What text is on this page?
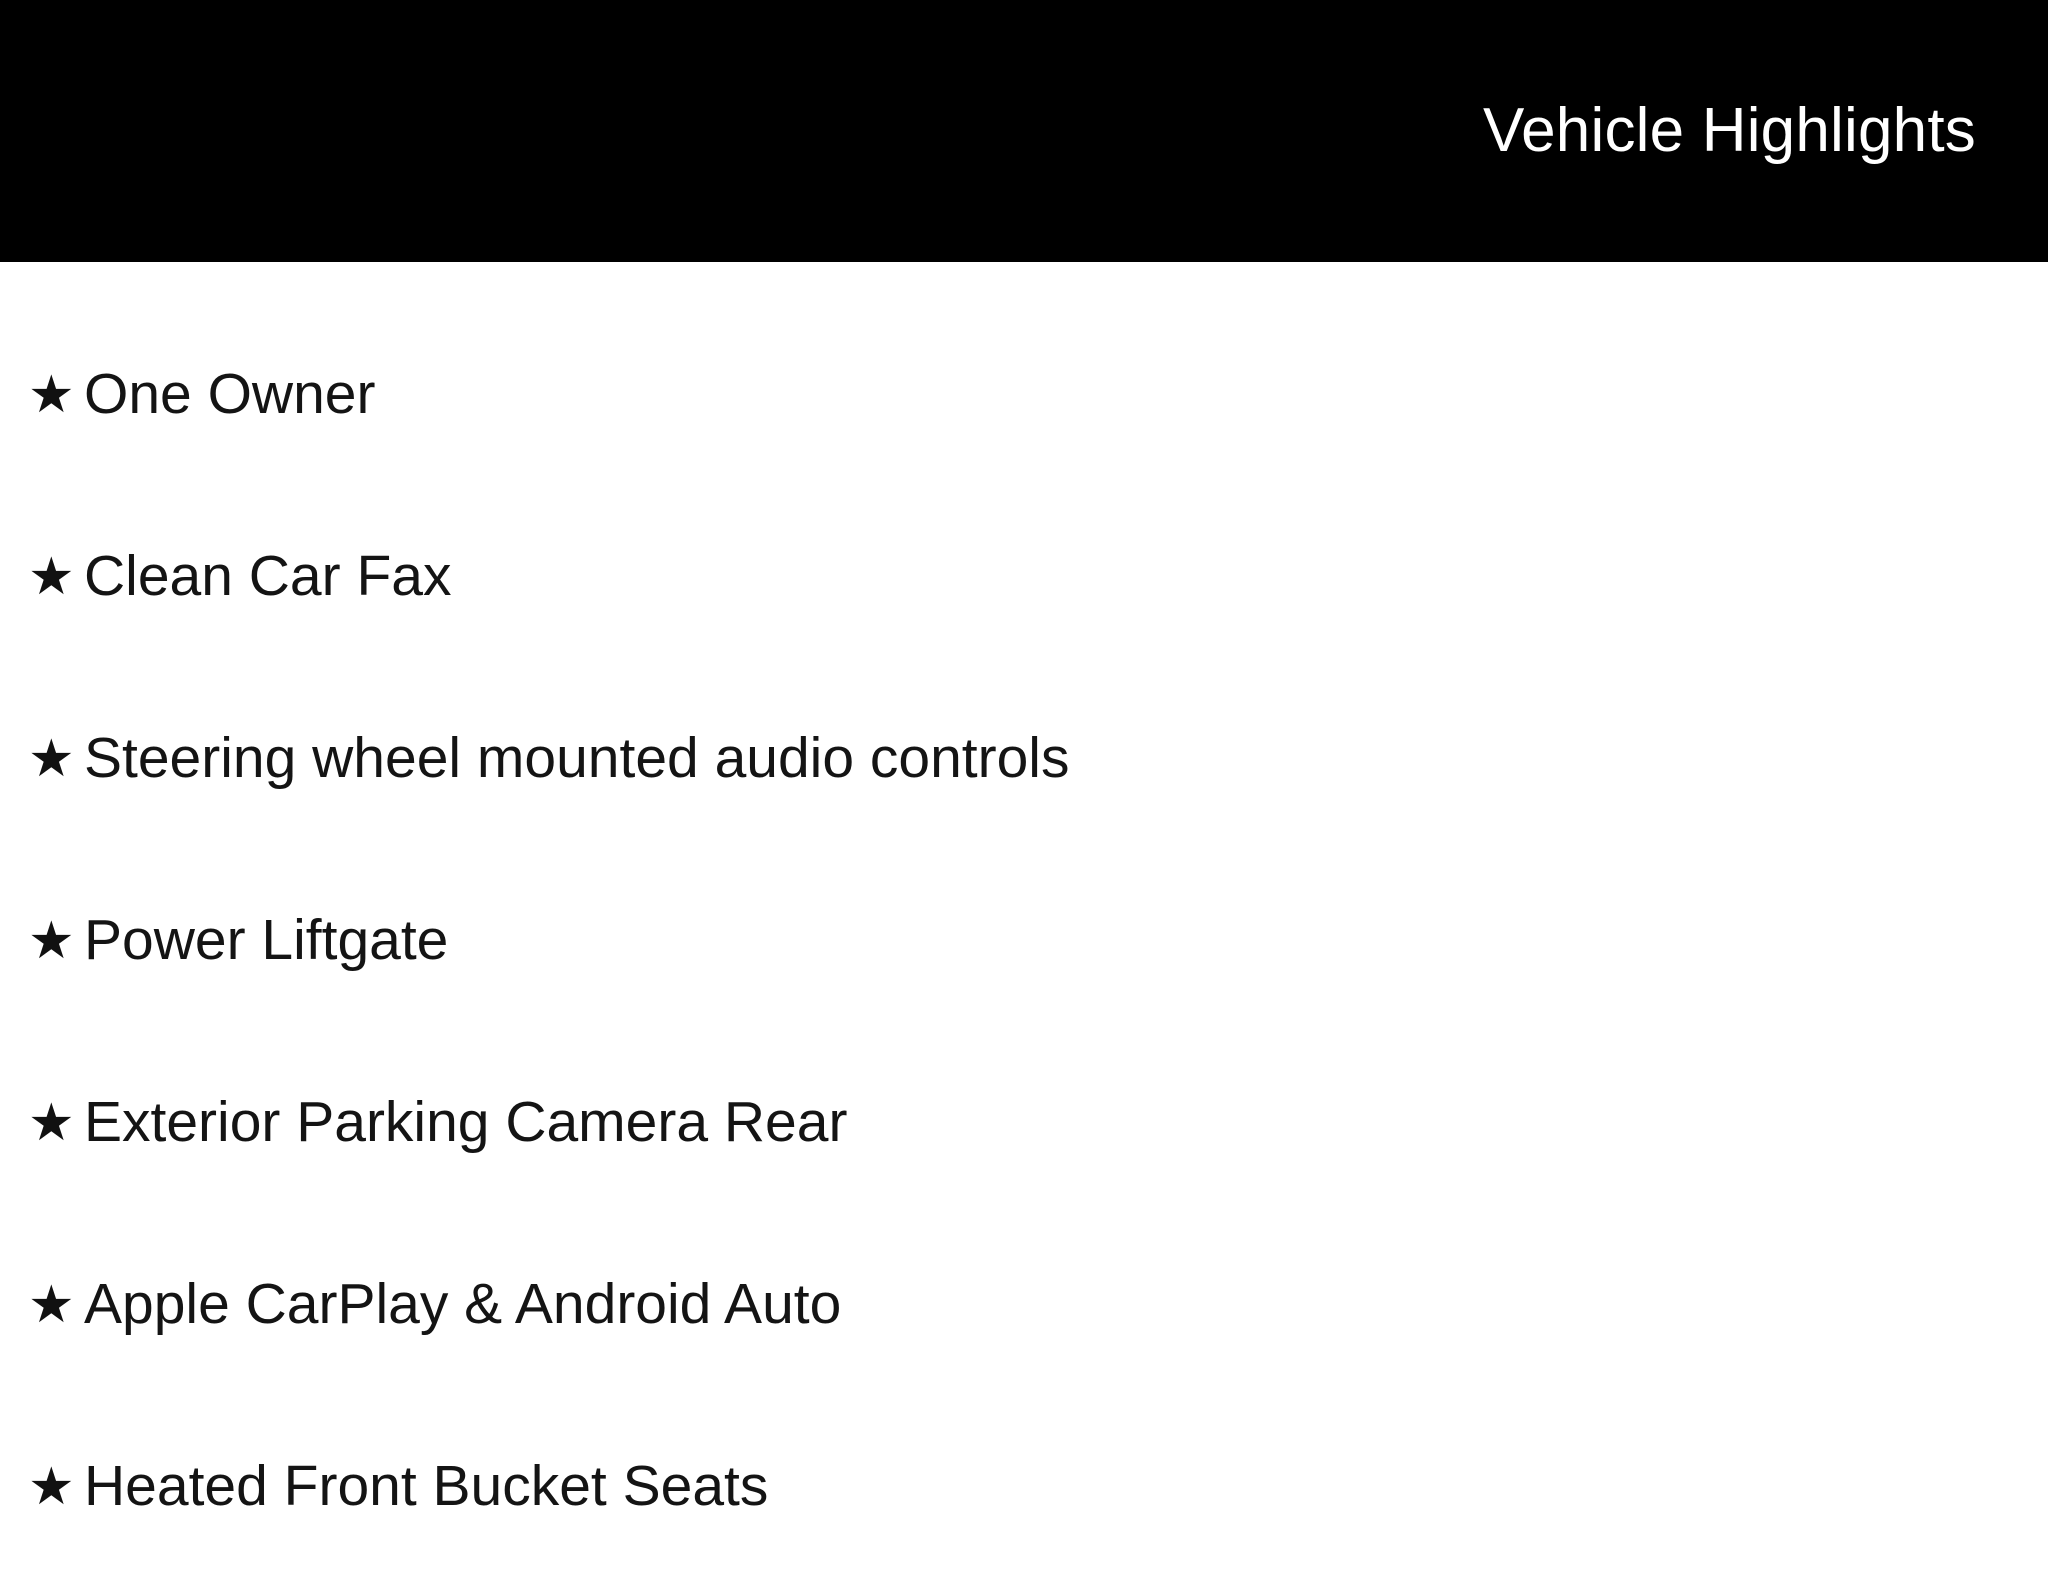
Vehicle Highlights
★ One Owner
★ Clean Car Fax
★ Steering wheel mounted audio controls
★ Power Liftgate
★ Exterior Parking Camera Rear
★ Apple CarPlay & Android Auto
★ Heated Front Bucket Seats
